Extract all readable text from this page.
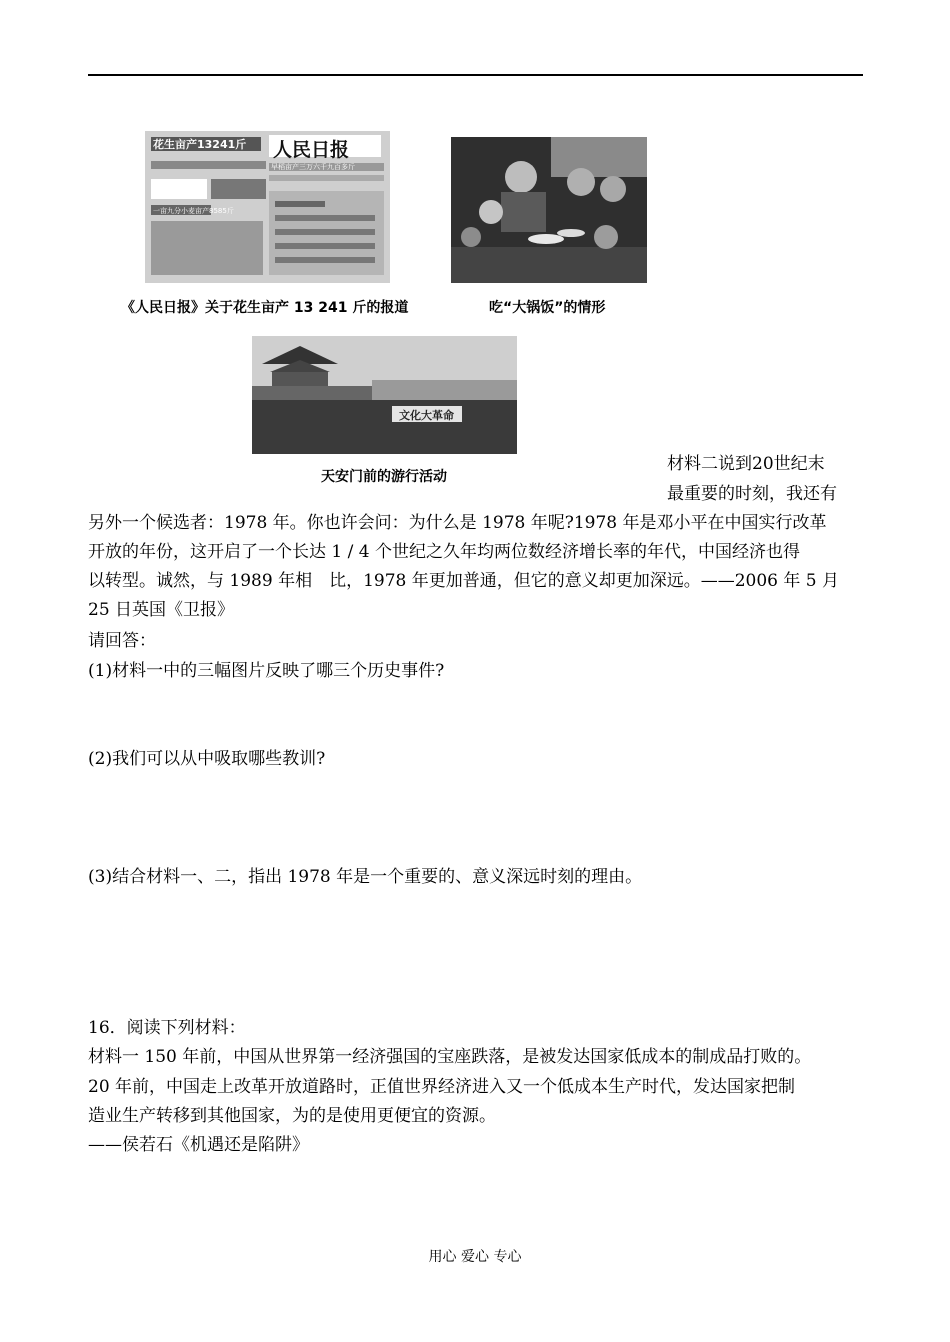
人民日报
花生亩产13241斤
早稻亩产三万六千九百多斤
一亩九分小麦亩产8585斤
《人民日报》关于花生亩产 13 241 斤的报道	吃“大锅饭”的情形
文化大革命
天安门前的游行活动
材料二说到20世纪末
最重要的时刻，我还有
另外一个候选者：1978 年。你也许会问：为什么是 1978 年呢?1978 年是邓小平在中国实行改革
开放的年份，这开启了一个长达 1 / 4 个世纪之久年均两位数经济增长率的年代，中国经济也得
以转型。诚然，与 1989 年相　比，1978 年更加普通，但它的意义却更加深远。——2006 年 5 月
25 日英国《卫报》
请回答：
(1)材料一中的三幅图片反映了哪三个历史事件?
(2)我们可以从中吸取哪些教训?
(3)结合材料一、二，指出 1978 年是一个重要的、意义深远时刻的理由。
16．阅读下列材料：
材料一 150 年前，中国从世界第一经济强国的宝座跌落，是被发达国家低成本的制成品打败的。
20 年前，中国走上改革开放道路时，正值世界经济进入又一个低成本生产时代，发达国家把制
造业生产转移到其他国家，为的是使用更便宜的资源。
——侯若石《机遇还是陷阱》
用心 爱心 专心
